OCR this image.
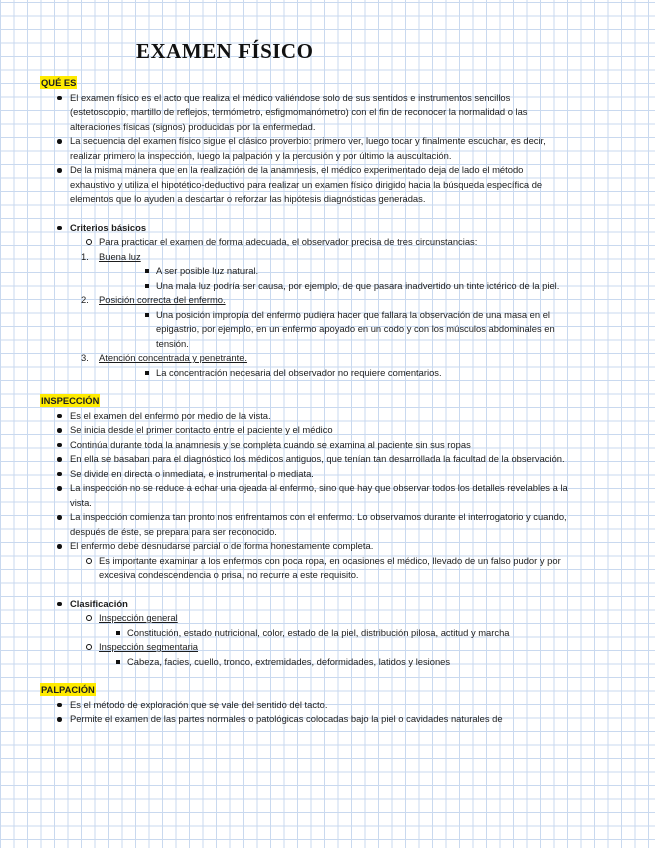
EXAMEN FÍSICO
QUÉ ES
El examen físico es el acto que realiza el médico valiéndose solo de sus sentidos e instrumentos sencillos (estetoscopio, martillo de reflejos, termómetro, esfigmomanómetro) con el fin de reconocer la normalidad o las alteraciones físicas (signos) producidas por la enfermedad.
La secuencia del examen físico sigue el clásico proverbio: primero ver, luego tocar y finalmente escuchar, es decir, realizar primero la inspección, luego la palpación y la percusión y por último la auscultación.
De la misma manera que en la realización de la anamnesis, el médico experimentado deja de lado el método exhaustivo y utiliza el hipotético-deductivo para realizar un examen físico dirigido hacia la búsqueda específica de elementos que lo ayuden a descartar o reforzar las hipótesis diagnósticas generadas.
Criterios básicos
Para practicar el examen de forma adecuada, el observador precisa de tres circunstancias:
1. Buena luz
A ser posible luz natural.
Una mala luz podría ser causa, por ejemplo, de que pasara inadvertido un tinte ictérico de la piel.
2. Posición correcta del enfermo.
Una posición impropia del enfermo pudiera hacer que fallara la observación de una masa en el epigastrio, por ejemplo, en un enfermo apoyado en un codo y con los músculos abdominales en tensión.
3. Atención concentrada y penetrante.
La concentración necesaria del observador no requiere comentarios.
INSPECCIÓN
Es el examen del enfermo por medio de la vista.
Se inicia desde el primer contacto entre el paciente y el médico
Continúa durante toda la anamnesis y se completa cuando se examina al paciente sin sus ropas
En ella se basaban para el diagnóstico los médicos antiguos, que tenían tan desarrollada la facultad de la observación.
Se divide en directa o inmediata, e instrumental o mediata.
La inspección no se reduce a echar una ojeada al enfermo, sino que hay que observar todos los detalles revelables a la vista.
La inspección comienza tan pronto nos enfrentamos con el enfermo. Lo observamos durante el interrogatorio y cuando, después de éste, se prepara para ser reconocido.
El enfermo debe desnudarse parcial o de forma honestamente completa.
Es importante examinar a los enfermos con poca ropa, en ocasiones el médico, llevado de un falso pudor y por excesiva condescendencia o prisa, no recurre a este requisito.
Clasificación
Inspección general
Constitución, estado nutricional, color, estado de la piel, distribución pilosa, actitud y marcha
Inspección segmentaria
Cabeza, facies, cuello, tronco, extremidades, deformidades, latidos y lesiones
PALPACIÓN
Es el método de exploración que se vale del sentido del tacto.
Permite el examen de las partes normales o patológicas colocadas bajo la piel o cavidades naturales de
